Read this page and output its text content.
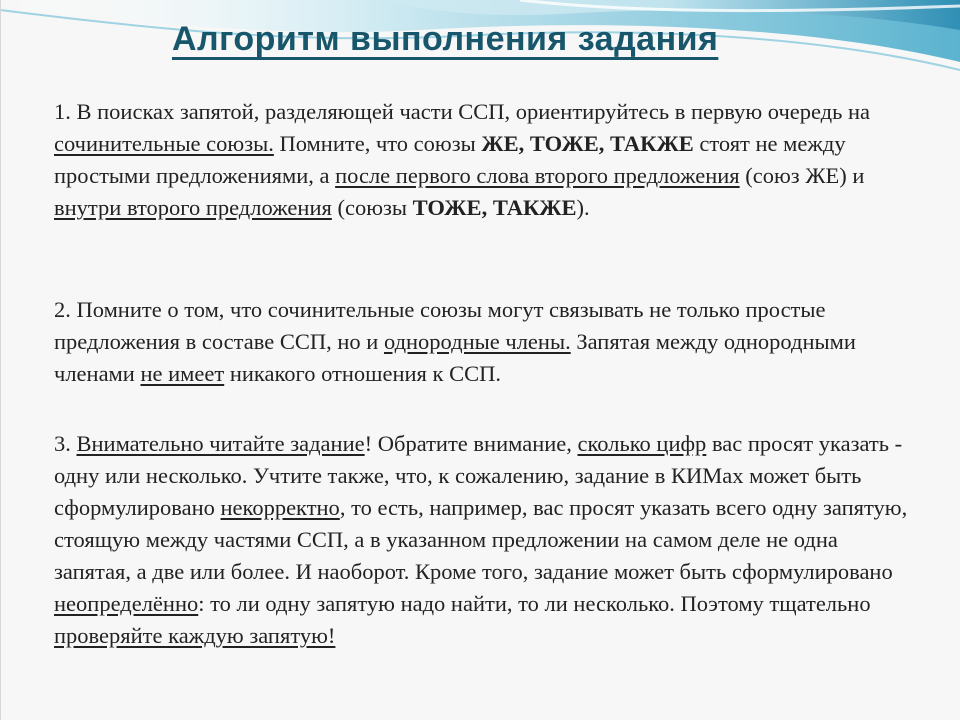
Алгоритм выполнения задания

1. В поисках запятой, разделяющей части ССП, ориентируйтесь в первую очередь на сочинительные союзы. Помните, что союзы ЖЕ, ТОЖЕ, ТАКЖЕ стоят не между простыми предложениями, а после первого слова второго предложения (союз ЖЕ) и внутри второго предложения (союзы ТОЖЕ, ТАКЖЕ).

2. Помните о том, что сочинительные союзы могут связывать не только простые предложения в составе ССП, но и однородные члены. Запятая между однородными членами не имеет никакого отношения к ССП.

3. Внимательно читайте задание! Обратите внимание, сколько цифр вас просят указать - одну или несколько. Учтите также, что, к сожалению, задание в КИМах может быть сформулировано некорректно, то есть, например, вас просят указать всего одну запятую, стоящую между частями ССП, а в указанном предложении на самом деле не одна запятая, а две или более. И наоборот. Кроме того, задание может быть сформулировано неопределённо: то ли одну запятую надо найти, то ли несколько. Поэтому тщательно проверяйте каждую запятую!
